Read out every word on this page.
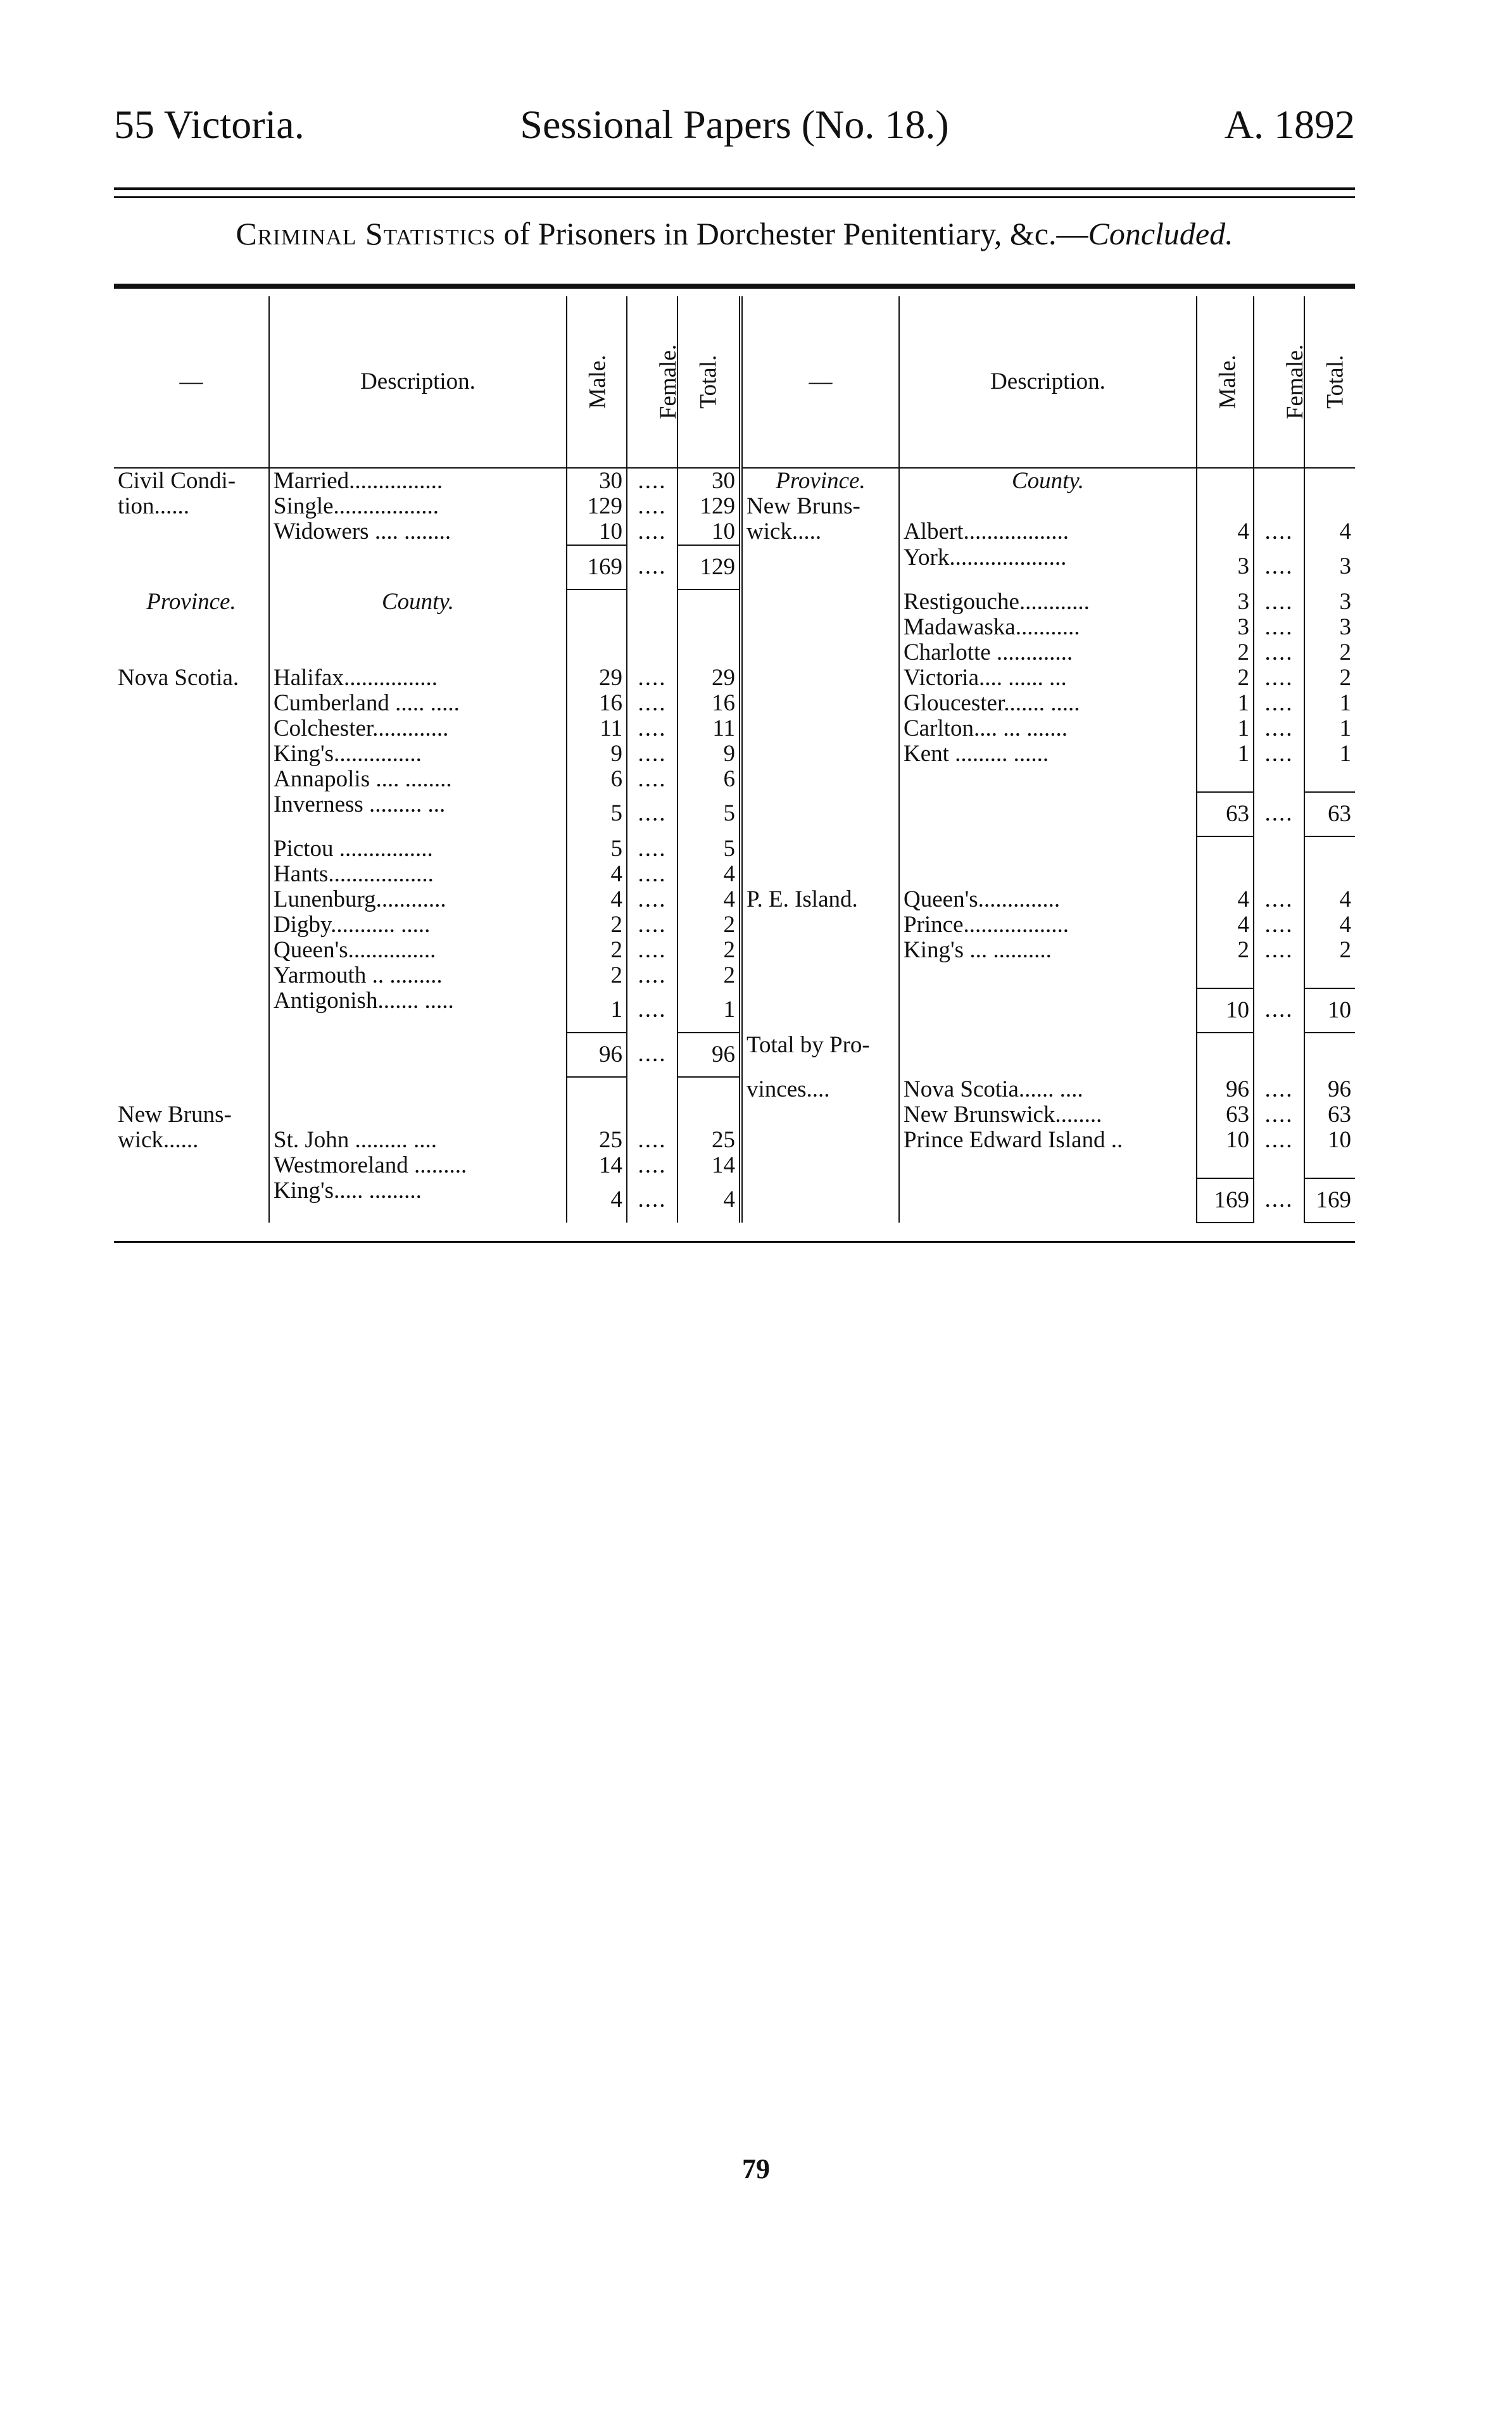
55 Victoria.	Sessional Papers (No. 18.)	A. 1892
Criminal Statistics of Prisoners in Dorchester Penitentiary, &c.—Concluded.
—	Description.	Male.	Female.	Total.	—	Description.	Male.	Female.	Total.
Civil Condi-	Married................	30	....	30	Province.	County.			
tion......	Single..................	129	....	129	New Bruns-				
	Widowers .... ........	10	....	10	wick.....	Albert..................	4	....	4
		169	....	129		York....................	3	....	3
Province.	County.					Restigouche............	3	....	3
						Madawaska...........	3	....	3
						Charlotte .............	2	....	2
Nova Scotia.	Halifax................	29	....	29		Victoria.... ...... ...	2	....	2
	Cumberland ..... .....	16	....	16		Gloucester....... .....	1	....	1
	Colchester.............	11	....	11		Carlton.... ... .......	1	....	1
	King's...............	9	....	9		Kent ......... ......	1	....	1
	Annapolis .... ........	6	....	6					
	Inverness ......... ...	5	....	5			63	....	63
	Pictou ................	5	....	5					
	Hants..................	4	....	4					
	Lunenburg............	4	....	4	P. E. Island.	Queen's..............	4	....	4
	Digby........... .....	2	....	2		Prince..................	4	....	4
	Queen's...............	2	....	2		King's ... ..........	2	....	2
	Yarmouth .. .........	2	....	2					
	Antigonish....... .....	1	....	1			10	....	10
		96	....	96	Total by Pro-				
					vinces....	Nova Scotia...... ....	96	....	96
New Bruns-						New Brunswick........	63	....	63
wick......	St. John ......... ....	25	....	25		Prince Edward Island ..	10	....	10
	Westmoreland .........	14	....	14					
	King's..... .........	4	....	4			169	....	169
79
